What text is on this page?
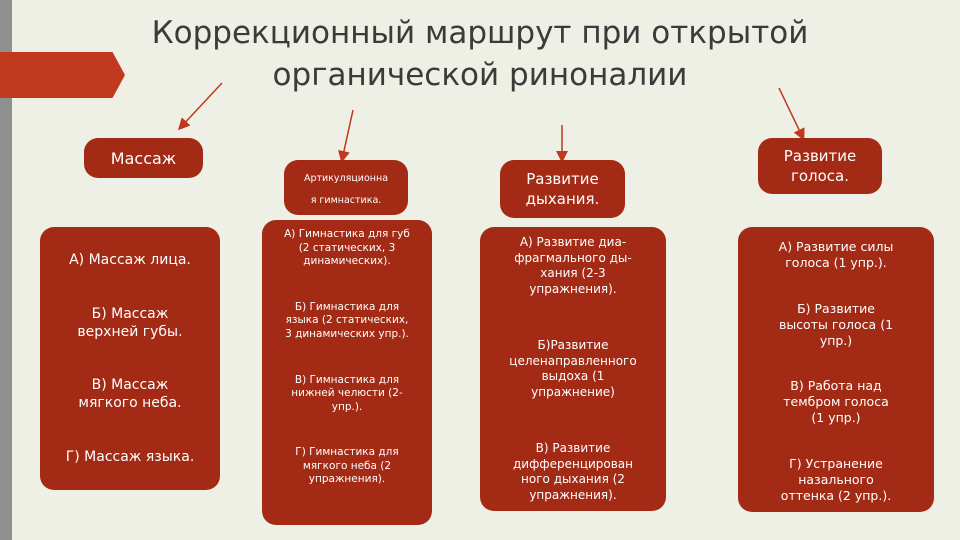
Коррекционный маршрут при открытой
органической риноналии
Массаж
Артикуляционна
я гимнастика.
Развитие
дыхания.
Развитие
голоса.
А) Массаж лица.
Б) Массаж
верхней губы.
В) Массаж
мягкого неба.
Г) Массаж языка.
А) Гимнастика для губ
(2 статических, 3
динамических).
Б) Гимнастика для
языка (2 статических,
3 динамических упр.).
В) Гимнастика для
нижней челюсти (2-
упр.).
Г) Гимнастика для
мягкого неба (2
упражнения).
А) Развитие диа-
фрагмального ды-
хания (2-3
упражнения).
Б)Развитие
целенаправленного
выдоха (1
упражнение)
В) Развитие
дифференцирован
ного дыхания (2
упражнения).
А) Развитие силы
голоса (1 упр.).
Б) Развитие
высоты голоса (1
упр.)
В) Работа над
тембром голоса
(1 упр.)
Г) Устранение
назального
оттенка (2 упр.).
